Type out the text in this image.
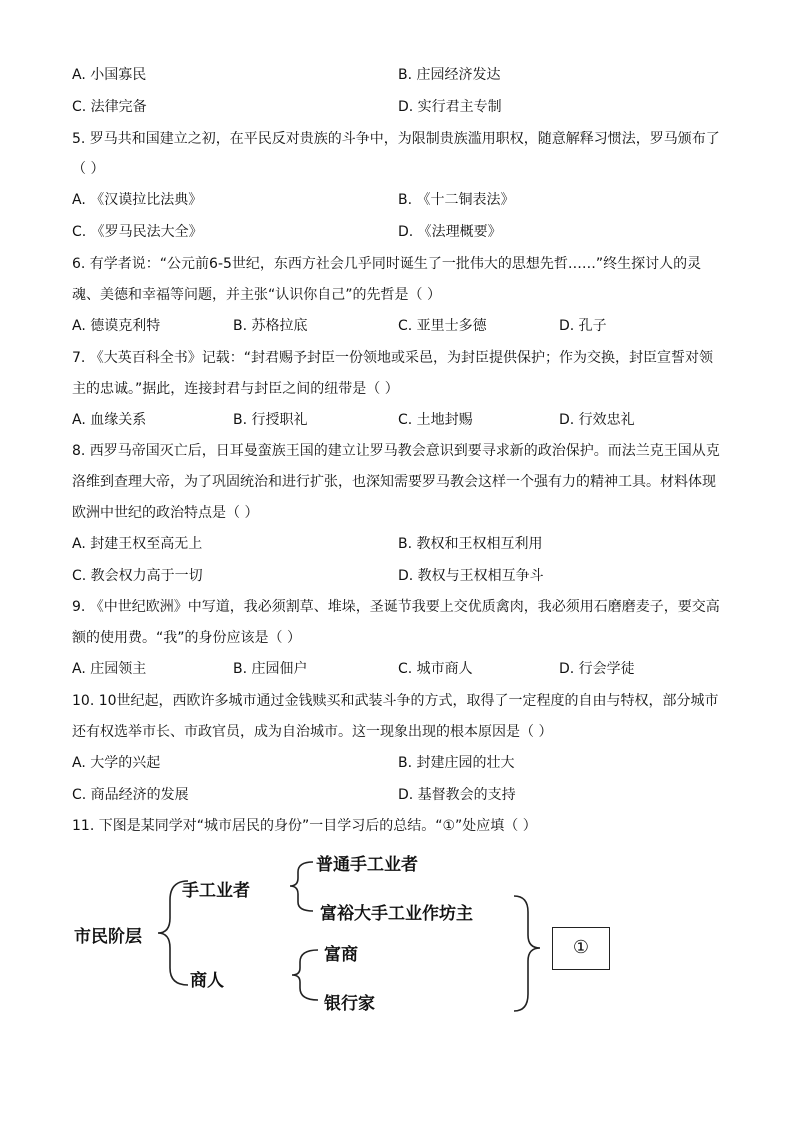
A. 小国寡民	B. 庄园经济发达
C. 法律完备	D. 实行君主专制
5. 罗马共和国建立之初，在平民反对贵族的斗争中，为限制贵族滥用职权，随意解释习惯法，罗马颁布了
（ ）
A. 《汉谟拉比法典》	B. 《十二铜表法》
C. 《罗马民法大全》	D. 《法理概要》
6. 有学者说：“公元前6-5世纪，东西方社会几乎同时诞生了一批伟大的思想先哲……”终生探讨人的灵
魂、美德和幸福等问题，并主张“认识你自己”的先哲是（ ）
A. 德谟克利特	B. 苏格拉底	C. 亚里士多德	D. 孔子
7. 《大英百科全书》记载：“封君赐予封臣一份领地或采邑，为封臣提供保护；作为交换，封臣宣誓对领
主的忠诚。”据此，连接封君与封臣之间的纽带是（ ）
A. 血缘关系	B. 行授职礼	C. 土地封赐	D. 行效忠礼
8. 西罗马帝国灭亡后，日耳曼蛮族王国的建立让罗马教会意识到要寻求新的政治保护。而法兰克王国从克
洛维到查理大帝，为了巩固统治和进行扩张，也深知需要罗马教会这样一个强有力的精神工具。材料体现
欧洲中世纪的政治特点是（ ）
A. 封建王权至高无上	B. 教权和王权相互利用
C. 教会权力高于一切	D. 教权与王权相互争斗
9. 《中世纪欧洲》中写道，我必须割草、堆垛，圣诞节我要上交优质禽肉，我必须用石磨磨麦子，要交高
额的使用费。“我”的身份应该是（ ）
A. 庄园领主	B. 庄园佃户	C. 城市商人	D. 行会学徒
10. 10世纪起，西欧许多城市通过金钱赎买和武装斗争的方式，取得了一定程度的自由与特权，部分城市
还有权选举市长、市政官员，成为自治城市。这一现象出现的根本原因是（ ）
A. 大学的兴起	B. 封建庄园的壮大
C. 商品经济的发展	D. 基督教会的支持
11. 下图是某同学对“城市居民的身份”一目学习后的总结。“①”处应填（ ）
市民阶层
手工业者
商人
普通手工业者
富裕大手工业作坊主
富商
银行家
①
